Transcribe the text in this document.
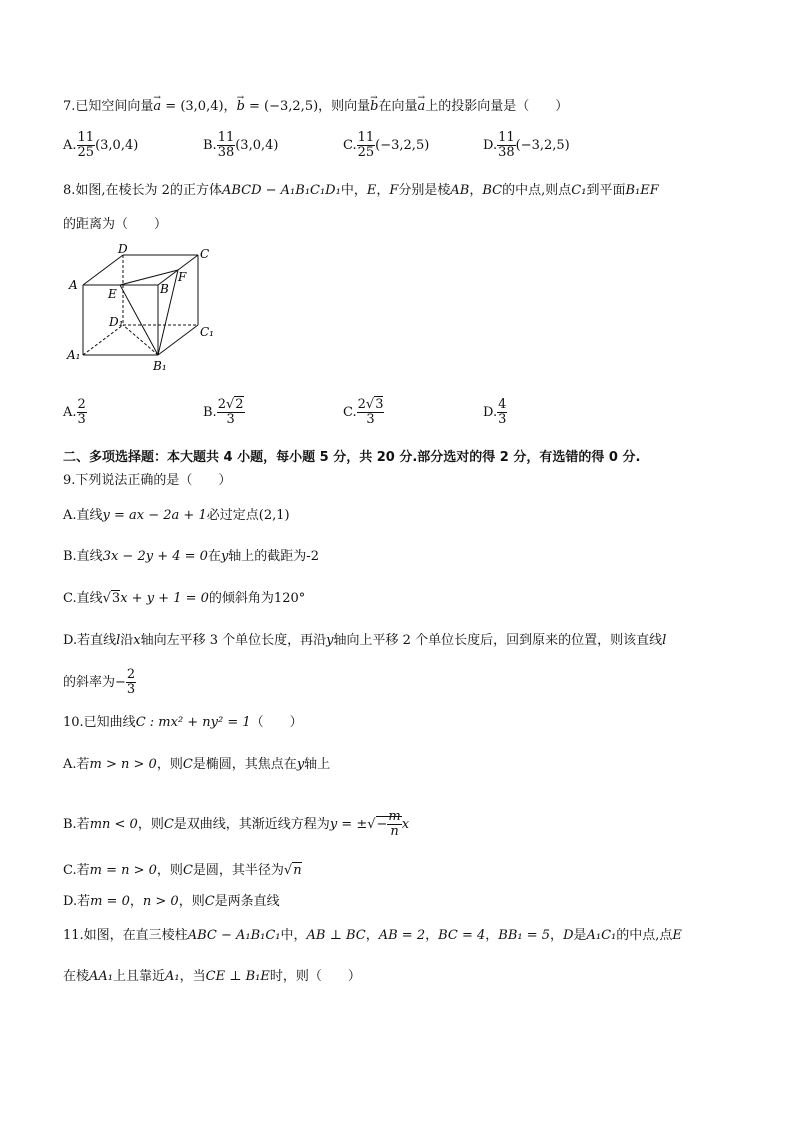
7.已知空间向量→ a = (3,0,4)，→ b = (−3,2,5)，则向量→ b在向量→ a上的投影向量是（　　）
A. $\frac{11}{25} (3,0,4)$	B. $\frac{11}{38} (3,0,4)$	C. $\frac{11}{25} (-3,2,5)$	D. $\frac{11}{38} (-3,2,5)$
8.如图,在棱长为 2的正方体ABCD − A₁B₁C₁D₁中，E，F分别是棱AB，BC的中点,则点C₁到平面B₁EF
的距离为（　　）
D	C
A
E	B
F
D₁
C₁
A₁
B₁
A. $\frac{2}{3}$	B. $\frac{2√2}{3}$	C. $\frac{2√3}{3}$	D. $\frac{4}{3}$
二、多项选择题：本大题共 4 小题，每小题 5 分，共 20 分.部分选对的得 2 分，有选错的得 0 分.
9.下列说法正确的是（　　）
A.直线y = ax − 2a + 1必过定点(2,1)
B.直线3x − 2y + 4 = 0在y轴上的截距为-2
C.直线√3x + y + 1 = 0的倾斜角为120°
D.若直线l沿x轴向左平移 3 个单位长度，再沿y轴向上平移 2 个单位长度后，回到原来的位置，则该直线l
的斜率为− $\frac{2}{3}$
10.已知曲线C : mx² + ny² = 1（　　）
A.若m > n > 0，则C是椭圆，其焦点在y轴上
B.若mn < 0，则C是双曲线，其渐近线方程为y = ±√− $\frac{m}{n}$ x
C.若m = n > 0，则C是圆，其半径为√n
D.若m = 0，n > 0，则C是两条直线
11.如图，在直三棱柱ABC − A₁B₁C₁中，AB ⊥ BC，AB = 2，BC = 4，BB₁ = 5，D是A₁C₁的中点,点E
在棱AA₁上且靠近A₁，当CE ⊥ B₁E时，则（　　）
